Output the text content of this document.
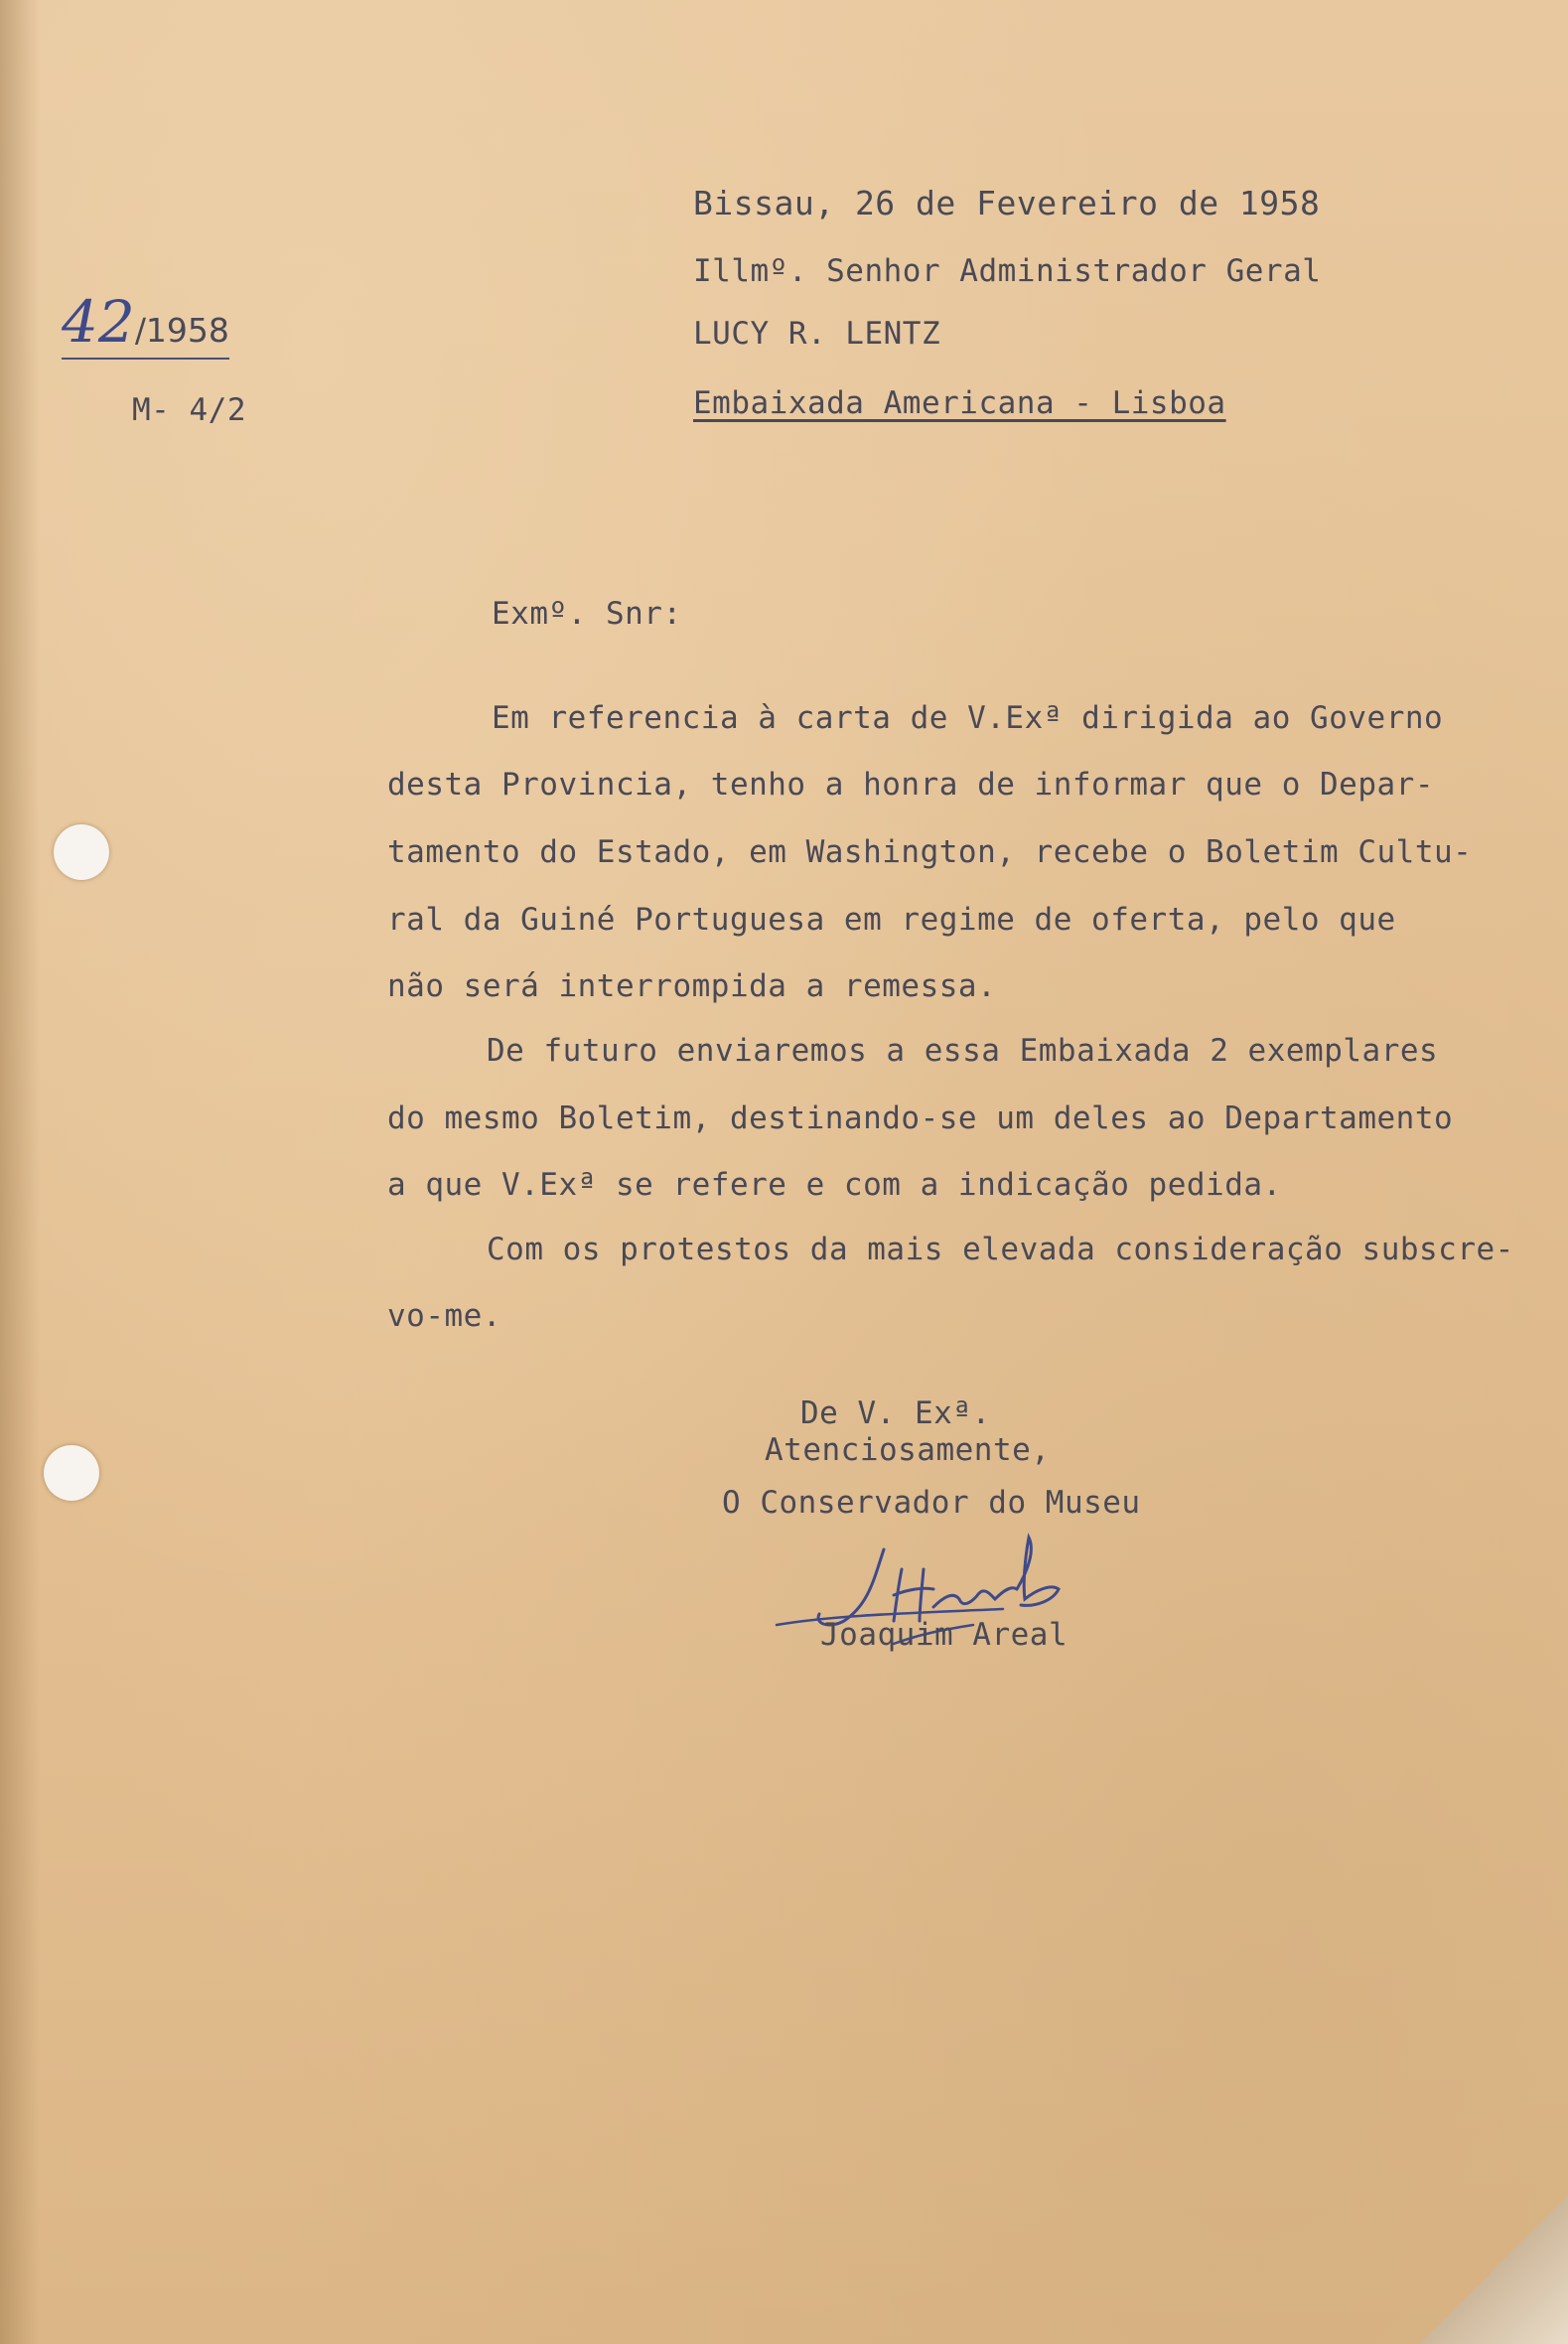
Bissau, 26 de Fevereiro de 1958
Illmº. Senhor Administrador Geral
LUCY R. LENTZ
Embaixada Americana - Lisboa
42/1958
M- 4/2
Exmº. Snr:
Em referencia à carta de V.Exª dirigida ao Governo
desta Provincia, tenho a honra de informar que o Depar-
tamento do Estado, em Washington, recebe o Boletim Cultu-
ral da Guiné Portuguesa em regime de oferta, pelo que
não será interrompida a remessa.
De futuro enviaremos a essa Embaixada 2 exemplares
do mesmo Boletim, destinando-se um deles ao Departamento
a que V.Exª se refere e com a indicação pedida.
Com os protestos da mais elevada consideração subscre-
vo-me.
De V. Exª.
Atenciosamente,
O Conservador do Museu
Joaquim Areal
